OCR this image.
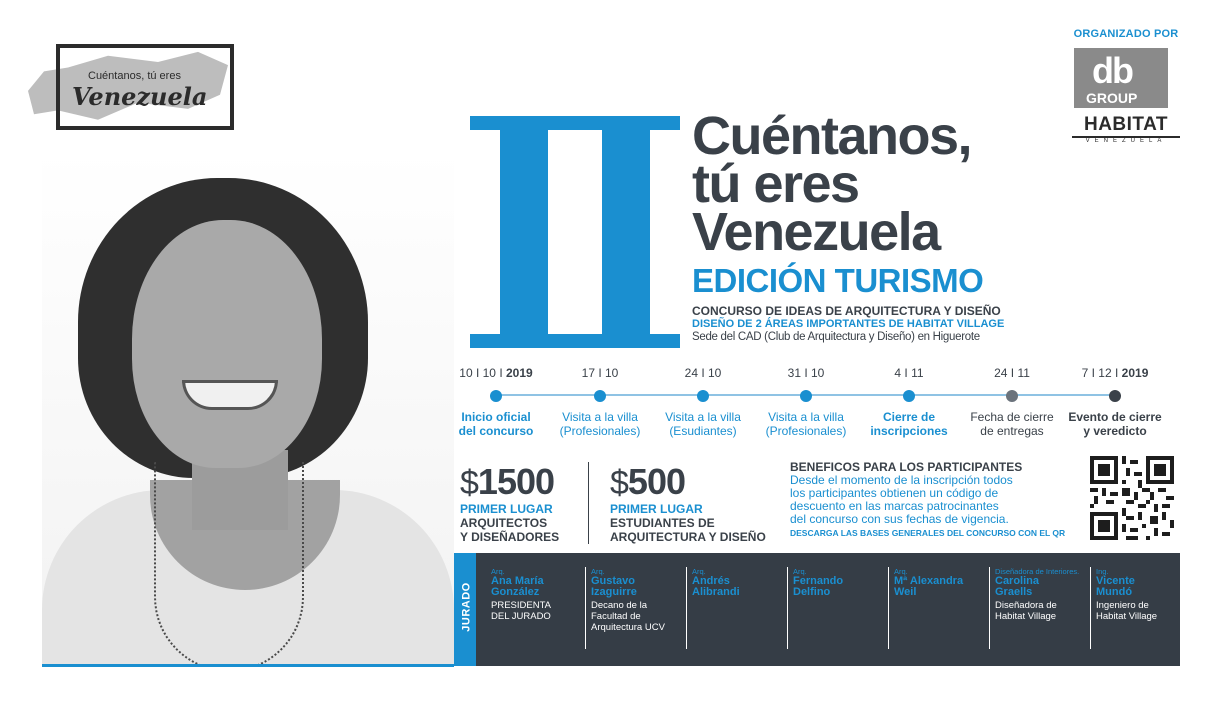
Cuéntanos, tú eres
Venezuela
ORGANIZADO POR
db
GROUP
VENEZUELA
HABITAT
VENEZUELA
Cuéntanos,
tú eres
Venezuela
EDICIÓN TURISMO
CONCURSO DE IDEAS DE ARQUITECTURA Y DISEÑO
DISEÑO DE 2 ÁREAS IMPORTANTES DE HABITAT VILLAGE
Sede del CAD (Club de Arquitectura y Diseño) en Higuerote
10 I 10 I 2019
Inicio oficial
del concurso
17 I 10
Visita a la villa
(Profesionales)
24 I 10
Visita a la villa
(Esudiantes)
31 I 10
Visita a la villa
(Profesionales)
4 I 11
Cierre de
inscripciones
24 I 11
Fecha de cierre
de entregas
7 I 12 I 2019
Evento de cierre
y veredicto
$1500
PRIMER LUGAR
ARQUITECTOS
Y DISEÑADORES
$500
PRIMER LUGAR
ESTUDIANTES DE
ARQUITECTURA Y DISEÑO
BENEFICOS PARA LOS PARTICIPANTES
Desde el momento de la inscripción todos
los participantes obtienen un código de
descuento en las marcas patrocinantes
del concurso con sus fechas de vigencia.
DESCARGA LAS BASES GENERALES DEL CONCURSO CON EL QR
JURADO
Arq.
Ana María
González
PRESIDENTA
DEL JURADO
Arq.
Gustavo
Izaguirre
Decano de la
Facultad de
Arquitectura UCV
Arq.
Andrés
Alibrandi
Arq.
Fernando
Delfino
Arq.
Mª Alexandra
Weil
Diseñadora de Interiores.
Carolina
Graells
Diseñadora de
Habitat Village
Ing.
Vicente
Mundó
Ingeniero de
Habitat Village
